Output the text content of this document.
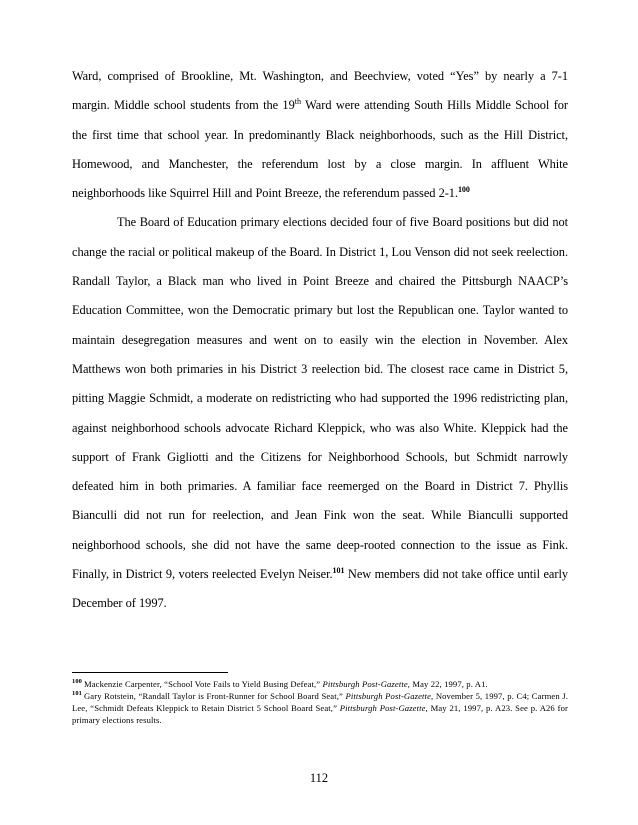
Ward, comprised of Brookline, Mt. Washington, and Beechview, voted “Yes” by nearly a 7-1 margin. Middle school students from the 19th Ward were attending South Hills Middle School for the first time that school year. In predominantly Black neighborhoods, such as the Hill District, Homewood, and Manchester, the referendum lost by a close margin. In affluent White neighborhoods like Squirrel Hill and Point Breeze, the referendum passed 2-1.$^{100}$

The Board of Education primary elections decided four of five Board positions but did not change the racial or political makeup of the Board. In District 1, Lou Venson did not seek reelection. Randall Taylor, a Black man who lived in Point Breeze and chaired the Pittsburgh NAACP’s Education Committee, won the Democratic primary but lost the Republican one. Taylor wanted to maintain desegregation measures and went on to easily win the election in November. Alex Matthews won both primaries in his District 3 reelection bid. The closest race came in District 5, pitting Maggie Schmidt, a moderate on redistricting who had supported the 1996 redistricting plan, against neighborhood schools advocate Richard Kleppick, who was also White. Kleppick had the support of Frank Gigliotti and the Citizens for Neighborhood Schools, but Schmidt narrowly defeated him in both primaries. A familiar face reemerged on the Board in District 7. Phyllis Bianculli did not run for reelection, and Jean Fink won the seat. While Bianculli supported neighborhood schools, she did not have the same deep-rooted connection to the issue as Fink. Finally, in District 9, voters reelected Evelyn Neiser.$^{101}$ New members did not take office until early December of 1997.

$^{100}$ Mackenzie Carpenter, “School Vote Fails to Yield Busing Defeat,” Pittsburgh Post-Gazette, May 22, 1997, p. A1.

$^{101}$ Gary Rotstein, “Randall Taylor is Front-Runner for School Board Seat,” Pittsburgh Post-Gazette, November 5, 1997, p. C4; Carmen J. Lee, “Schmidt Defeats Kleppick to Retain District 5 School Board Seat,” Pittsburgh Post-Gazette, May 21, 1997, p. A23. See p. A26 for primary elections results.

112
